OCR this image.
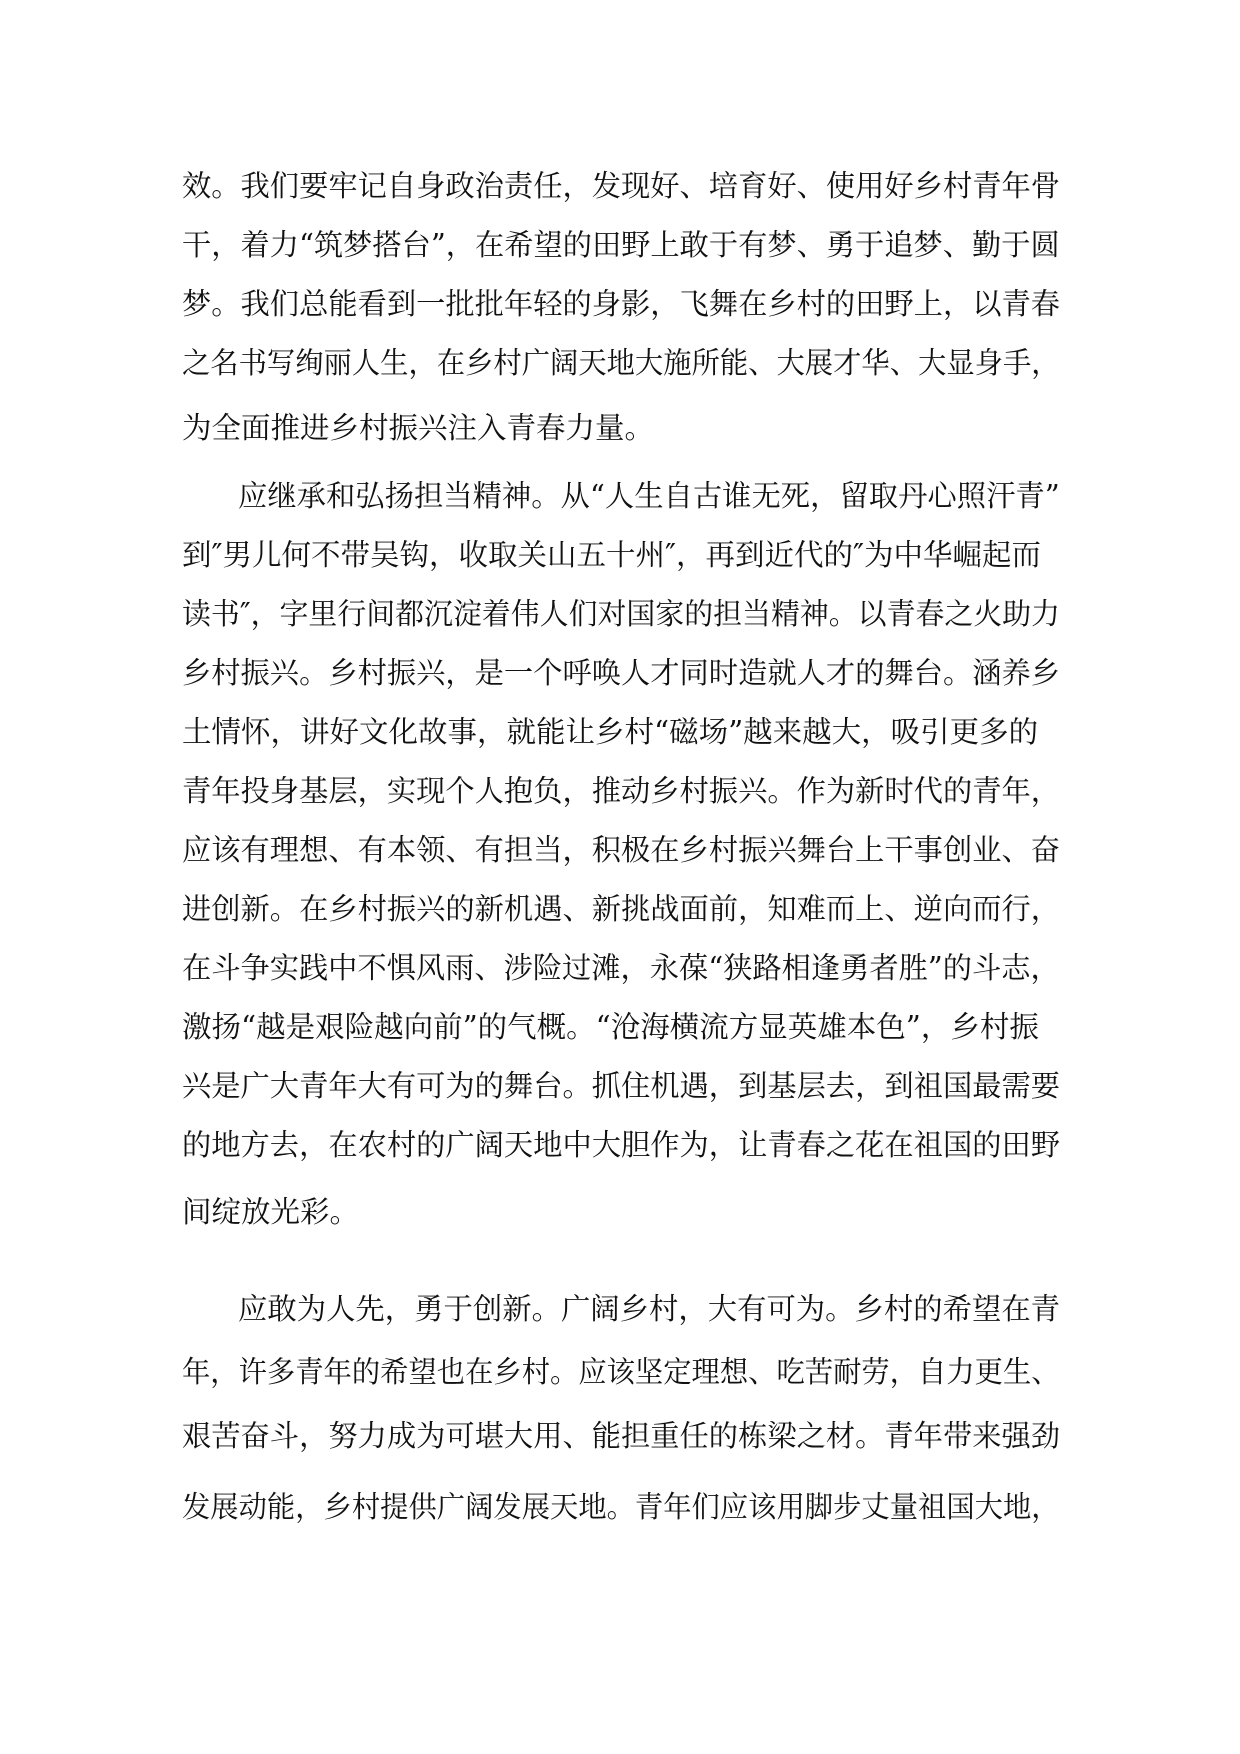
效。我们要牢记自身政治责任，发现好、培育好、使用好乡村青年骨
干，着力“筑梦搭台”，在希望的田野上敢于有梦、勇于追梦、勤于圆
梦。我们总能看到一批批年轻的身影，飞舞在乡村的田野上，以青春
之名书写绚丽人生，在乡村广阔天地大施所能、大展才华、大显身手，
为全面推进乡村振兴注入青春力量。
应继承和弘扬担当精神。从“人生自古谁无死，留取丹心照汗青”
到″男儿何不带吴钩，收取关山五十州″，再到近代的″为中华崛起而
读书″，字里行间都沉淀着伟人们对国家的担当精神。以青春之火助力
乡村振兴。乡村振兴，是一个呼唤人才同时造就人才的舞台。涵养乡
土情怀，讲好文化故事，就能让乡村“磁场”越来越大，吸引更多的
青年投身基层，实现个人抱负，推动乡村振兴。作为新时代的青年，
应该有理想、有本领、有担当，积极在乡村振兴舞台上干事创业、奋
进创新。在乡村振兴的新机遇、新挑战面前，知难而上、逆向而行，
在斗争实践中不惧风雨、涉险过滩，永葆“狭路相逢勇者胜”的斗志，
激扬“越是艰险越向前”的气概。“沧海横流方显英雄本色”，乡村振
兴是广大青年大有可为的舞台。抓住机遇，到基层去，到祖国最需要
的地方去，在农村的广阔天地中大胆作为，让青春之花在祖国的田野
间绽放光彩。
应敢为人先，勇于创新。广阔乡村，大有可为。乡村的希望在青
年，许多青年的希望也在乡村。应该坚定理想、吃苦耐劳，自力更生、
艰苦奋斗，努力成为可堪大用、能担重任的栋梁之材。青年带来强劲
发展动能，乡村提供广阔发展天地。青年们应该用脚步丈量祖国大地，
